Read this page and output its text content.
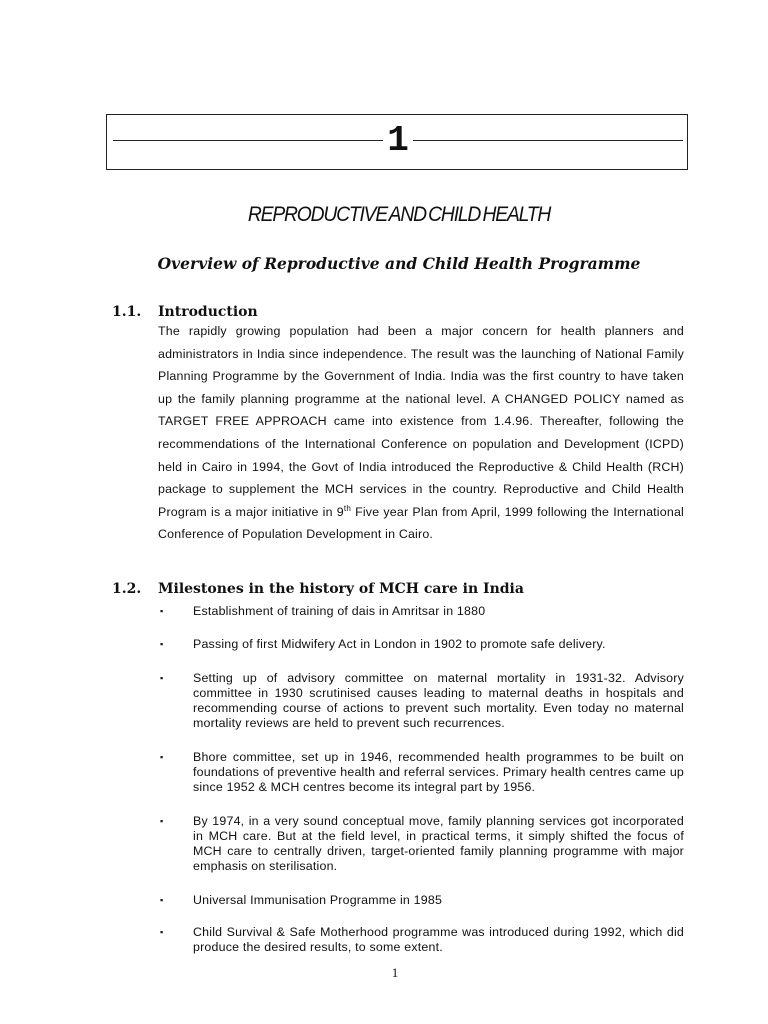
1
REPRODUCTIVE AND CHILD HEALTH
Overview of Reproductive and Child Health Programme
1.1. Introduction
The rapidly growing population had been a major concern for health planners and administrators in India since independence. The result was the launching of National Family Planning Programme by the Government of India. India was the first country to have taken up the family planning programme at the national level. A CHANGED POLICY named as TARGET FREE APPROACH came into existence from 1.4.96. Thereafter, following the recommendations of the International Conference on population and Development (ICPD) held in Cairo in 1994, the Govt of India introduced the Reproductive & Child Health (RCH) package to supplement the MCH services in the country. Reproductive and Child Health Program is a major initiative in 9th Five year Plan from April, 1999 following the International Conference of Population Development in Cairo.
1.2. Milestones in the history of MCH care in India
▪ Establishment of training of dais in Amritsar in 1880
▪ Passing of first Midwifery Act in London in 1902 to promote safe delivery.
▪ Setting up of advisory committee on maternal mortality in 1931-32. Advisory committee in 1930 scrutinised causes leading to maternal deaths in hospitals and recommending course of actions to prevent such mortality. Even today no maternal mortality reviews are held to prevent such recurrences.
▪ Bhore committee, set up in 1946, recommended health programmes to be built on foundations of preventive health and referral services. Primary health centres came up since 1952 & MCH centres become its integral part by 1956.
▪ By 1974, in a very sound conceptual move, family planning services got incorporated in MCH care. But at the field level, in practical terms, it simply shifted the focus of MCH care to centrally driven, target-oriented family planning programme with major emphasis on sterilisation.
▪ Universal Immunisation Programme in 1985
▪ Child Survival & Safe Motherhood programme was introduced during 1992, which did produce the desired results, to some extent.
1
